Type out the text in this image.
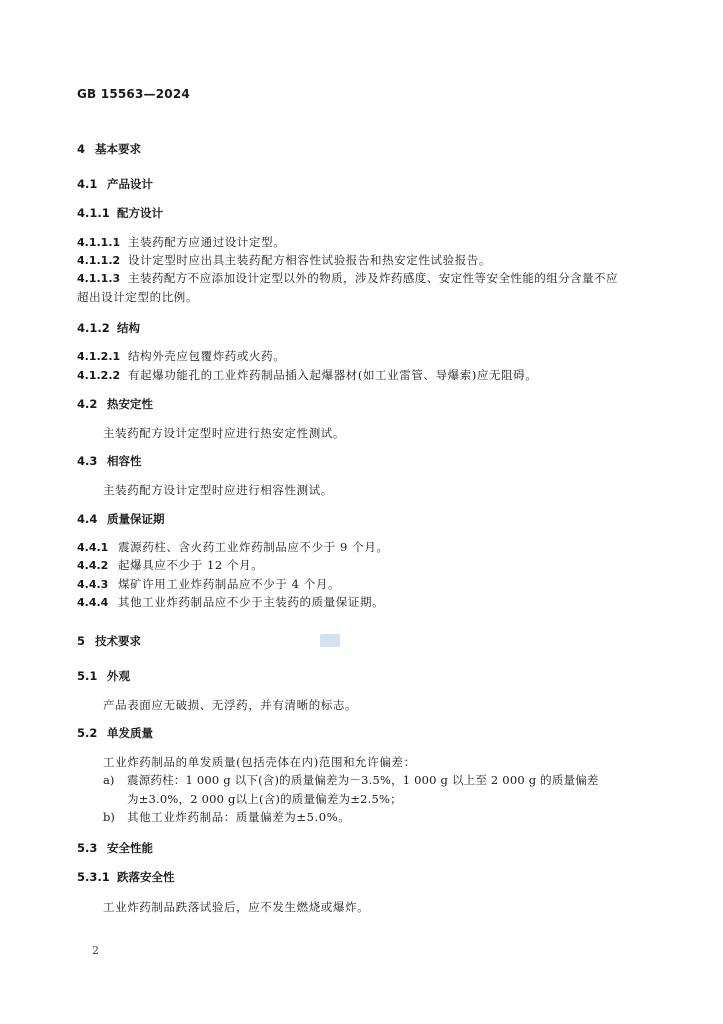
GB 15563—2024
4 基本要求
4.1 产品设计
4.1.1 配方设计
4.1.1.1 主装药配方应通过设计定型。
4.1.1.2 设计定型时应出具主装药配方相容性试验报告和热安定性试验报告。
4.1.1.3 主装药配方不应添加设计定型以外的物质，涉及炸药感度、安定性等安全性能的组分含量不应
超出设计定型的比例。
4.1.2 结构
4.1.2.1 结构外壳应包覆炸药或火药。
4.1.2.2 有起爆功能孔的工业炸药制品插入起爆器材(如工业雷管、导爆索)应无阻碍。
4.2 热安定性
主装药配方设计定型时应进行热安定性测试。
4.3 相容性
主装药配方设计定型时应进行相容性测试。
4.4 质量保证期
4.4.1 震源药柱、含火药工业炸药制品应不少于 9 个月。
4.4.2 起爆具应不少于 12 个月。
4.4.3 煤矿许用工业炸药制品应不少于 4 个月。
4.4.4 其他工业炸药制品应不少于主装药的质量保证期。
5 技术要求
5.1 外观
产品表面应无破损、无浮药，并有清晰的标志。
5.2 单发质量
工业炸药制品的单发质量(包括壳体在内)范围和允许偏差：
a) 震源药柱：1 000 g 以下(含)的质量偏差为－3.5%，1 000 g 以上至 2 000 g 的质量偏差
为±3.0%，2 000 g以上(含)的质量偏差为±2.5%；
b) 其他工业炸药制品：质量偏差为±5.0%。
5.3 安全性能
5.3.1 跌落安全性
工业炸药制品跌落试验后，应不发生燃烧或爆炸。
2
